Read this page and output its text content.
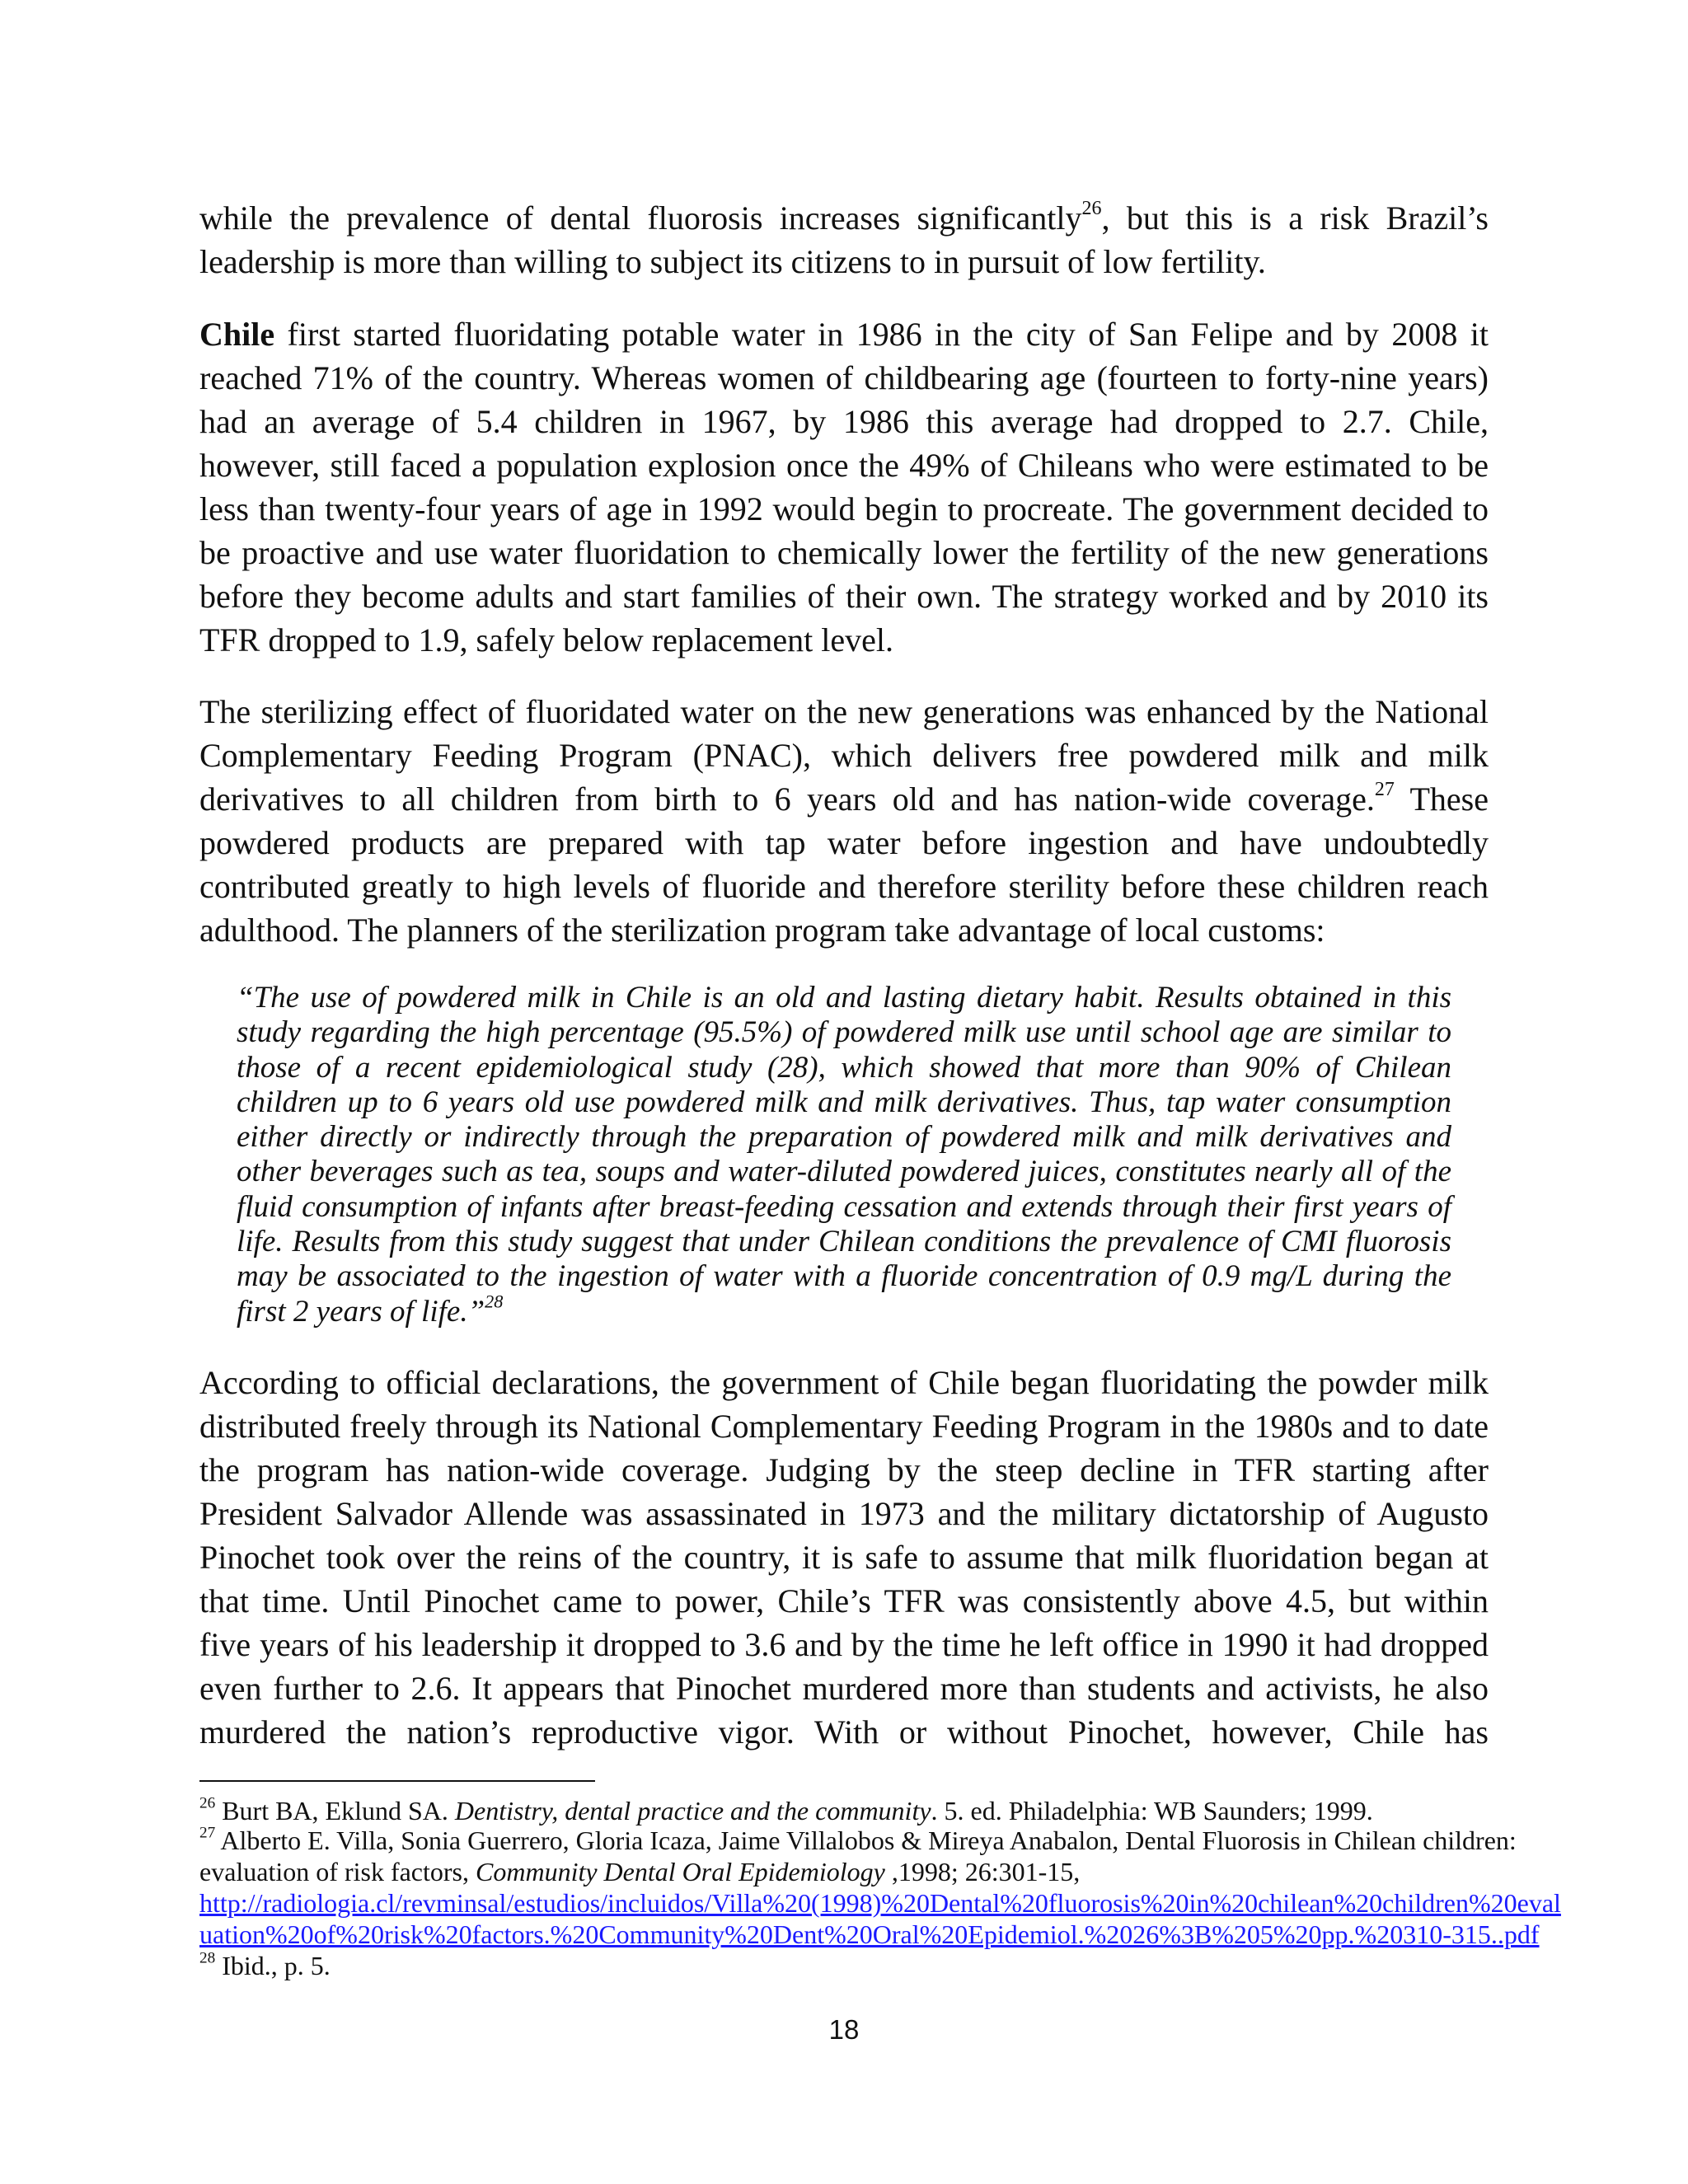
while the prevalence of dental fluorosis increases significantly$^{26}$, but this is a risk Brazil’s
leadership is more than willing to subject its citizens to in pursuit of low fertility.
Chile first started fluoridating potable water in 1986 in the city of San Felipe and by 2008 it
reached 71% of the country. Whereas women of childbearing age (fourteen to forty-nine years)
had an average of 5.4 children in 1967, by 1986 this average had dropped to 2.7. Chile,
however, still faced a population explosion once the 49% of Chileans who were estimated to be
less than twenty-four years of age in 1992 would begin to procreate. The government decided to
be proactive and use water fluoridation to chemically lower the fertility of the new generations
before they become adults and start families of their own. The strategy worked and by 2010 its
TFR dropped to 1.9, safely below replacement level.
The sterilizing effect of fluoridated water on the new generations was enhanced by the National
Complementary Feeding Program (PNAC), which delivers free powdered milk and milk
derivatives to all children from birth to 6 years old and has nation-wide coverage.$^{27}$ These
powdered products are prepared with tap water before ingestion and have undoubtedly
contributed greatly to high levels of fluoride and therefore sterility before these children reach
adulthood. The planners of the sterilization program take advantage of local customs:
“The use of powdered milk in Chile is an old and lasting dietary habit. Results obtained in this
study regarding the high percentage (95.5%) of powdered milk use until school age are similar to
those of a recent epidemiological study (28), which showed that more than 90% of Chilean
children up to 6 years old use powdered milk and milk derivatives. Thus, tap water consumption
either directly or indirectly through the preparation of powdered milk and milk derivatives and
other beverages such as tea, soups and water-diluted powdered juices, constitutes nearly all of the
fluid consumption of infants after breast-feeding cessation and extends through their first years of
life. Results from this study suggest that under Chilean conditions the prevalence of CMI fluorosis
may be associated to the ingestion of water with a fluoride concentration of 0.9 mg/L during the
first 2 years of life.”$^{28}$
According to official declarations, the government of Chile began fluoridating the powder milk
distributed freely through its National Complementary Feeding Program in the 1980s and to date
the program has nation-wide coverage. Judging by the steep decline in TFR starting after
President Salvador Allende was assassinated in 1973 and the military dictatorship of Augusto
Pinochet took over the reins of the country, it is safe to assume that milk fluoridation began at
that time. Until Pinochet came to power, Chile’s TFR was consistently above 4.5, but within
five years of his leadership it dropped to 3.6 and by the time he left office in 1990 it had dropped
even further to 2.6. It appears that Pinochet murdered more than students and activists, he also
murdered the nation’s reproductive vigor. With or without Pinochet, however, Chile has
$^{26}$ Burt BA, Eklund SA. Dentistry, dental practice and the community. 5. ed. Philadelphia: WB Saunders; 1999.
$^{27}$ Alberto E. Villa, Sonia Guerrero, Gloria Icaza, Jaime Villalobos & Mireya Anabalon, Dental Fluorosis in Chilean children:
evaluation of risk factors, Community Dental Oral Epidemiology ,1998; 26:301-15,
http://radiologia.cl/revminsal/estudios/incluidos/Villa%20(1998)%20Dental%20fluorosis%20in%20chilean%20children%20eval
uation%20of%20risk%20factors.%20Community%20Dent%20Oral%20Epidemiol.%2026%3B%205%20pp.%20310-315..pdf
$^{28}$ Ibid., p. 5.
18
